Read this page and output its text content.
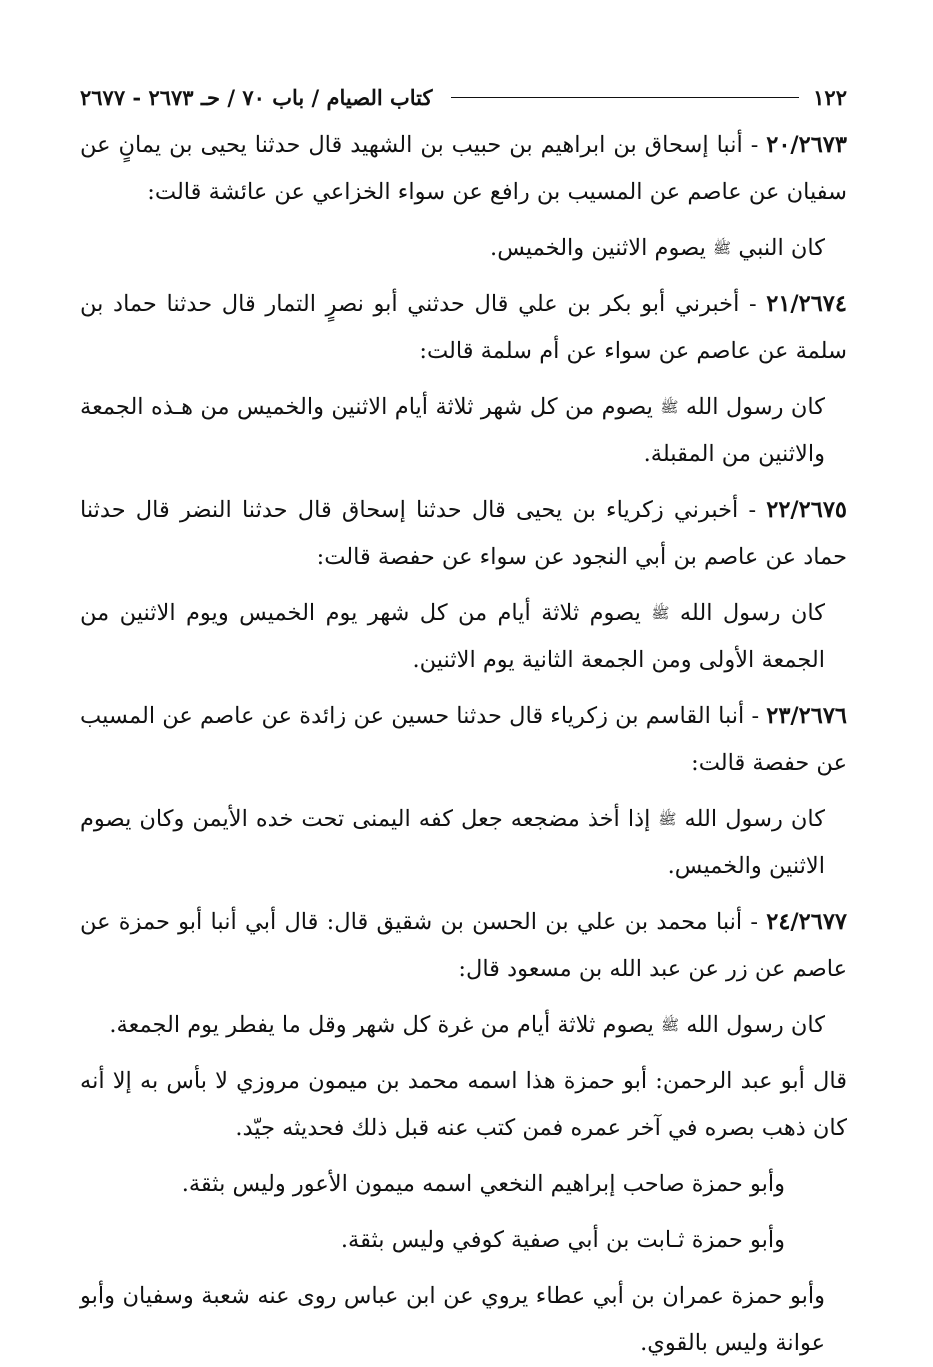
١٢٢
كتاب الصيام / باب ٧٠ / حـ ٢٦٧٣ - ٢٦٧٧

٢٠/٢٦٧٣ - أنبا إسحاق بن ابراهيم بن حبيب بن الشهيد قال حدثنا يحيى بن يمانٍ عن سفيان عن عاصم عن المسيب بن رافع عن سواء الخزاعي عن عائشة قالت:

كان النبي ﷺ يصوم الاثنين والخميس.

٢١/٢٦٧٤ - أخبرني أبو بكر بن علي قال حدثني أبو نصرٍ التمار قال حدثنا حماد بن سلمة عن عاصم عن سواء عن أم سلمة قالت:

كان رسول الله ﷺ يصوم من كل شهر ثلاثة أيام الاثنين والخميس من هـذه الجمعة والاثنين من المقبلة.

٢٢/٢٦٧٥ - أخبرني زكرياء بن يحيى قال حدثنا إسحاق قال حدثنا النضر قال حدثنا حماد عن عاصم بن أبي النجود عن سواء عن حفصة قالت:

كان رسول الله ﷺ يصوم ثلاثة أيام من كل شهر يوم الخميس ويوم الاثنين من الجمعة الأولى ومن الجمعة الثانية يوم الاثنين.

٢٣/٢٦٧٦ - أنبا القاسم بن زكرياء قال حدثنا حسين عن زائدة عن عاصم عن المسيب عن حفصة قالت:

كان رسول الله ﷺ إذا أخذ مضجعه جعل كفه اليمنى تحت خده الأيمن وكان يصوم الاثنين والخميس.

٢٤/٢٦٧٧ - أنبا محمد بن علي بن الحسن بن شقيق قال: قال أبي أنبا أبو حمزة عن عاصم عن زر عن عبد الله بن مسعود قال:

كان رسول الله ﷺ يصوم ثلاثة أيام من غرة كل شهر وقل ما يفطر يوم الجمعة.

قال أبو عبد الرحمن: أبو حمزة هذا اسمه محمد بن ميمون مروزي لا بأس به إلا أنه كان ذهب بصره في آخر عمره فمن كتب عنه قبل ذلك فحديثه جيّد.

وأبو حمزة صاحب إبراهيم النخعي اسمه ميمون الأعور وليس بثقة.

وأبو حمزة ثـابت بن أبي صفية كوفي وليس بثقة.

وأبو حمزة عمران بن أبي عطاء يروي عن ابن عباس روى عنه شعبة وسفيان وأبو عوانة وليس بالقوي.
